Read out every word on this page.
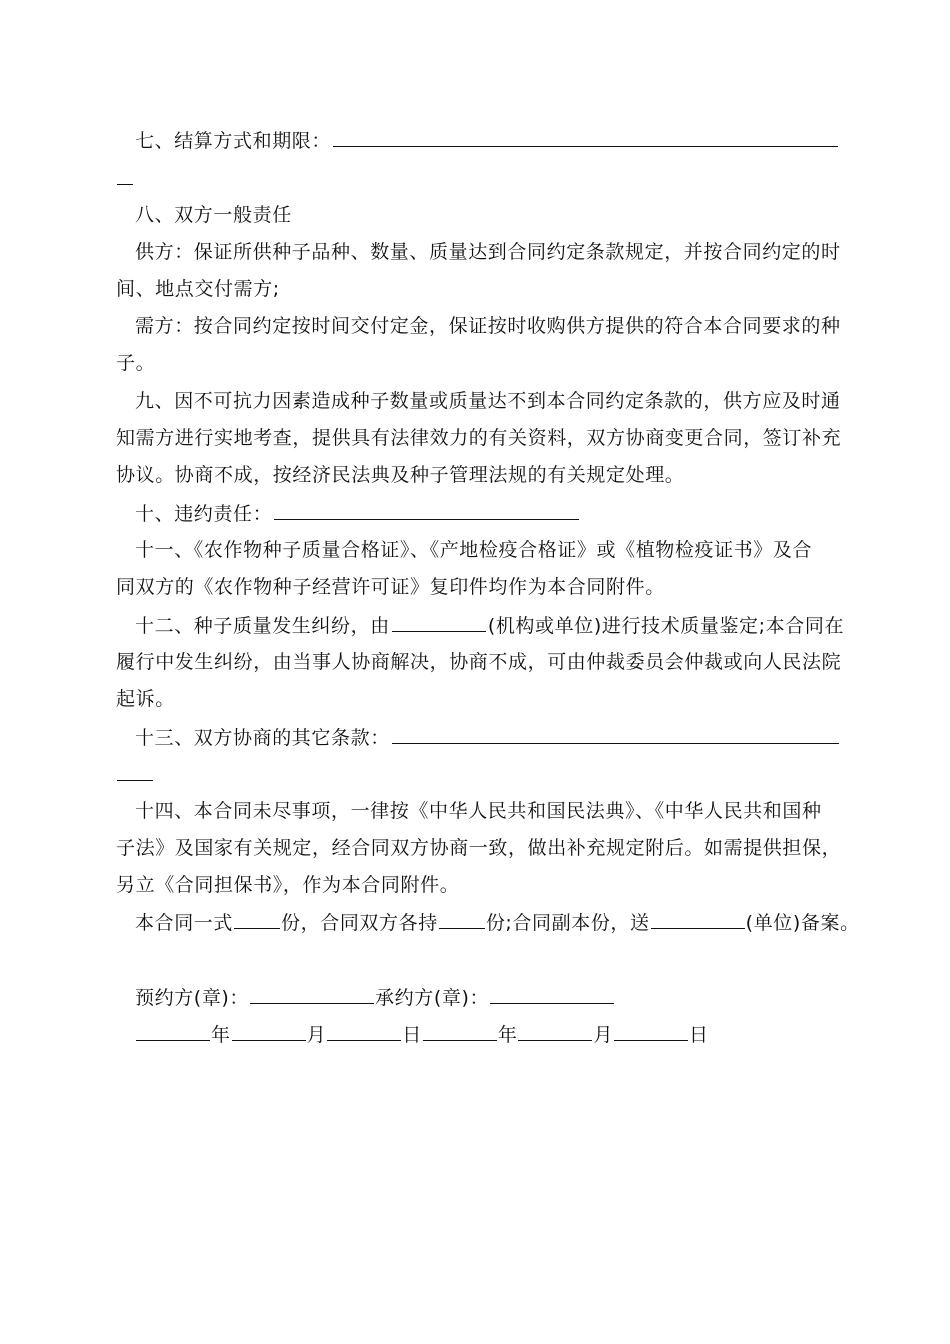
七、结算方式和期限：
八、双方一般责任
供方：保证所供种子品种、数量、质量达到合同约定条款规定，并按合同约定的时
间、地点交付需方;
需方：按合同约定按时间交付定金，保证按时收购供方提供的符合本合同要求的种
子。
九、因不可抗力因素造成种子数量或质量达不到本合同约定条款的，供方应及时通
知需方进行实地考查，提供具有法律效力的有关资料，双方协商变更合同，签订补充
协议。协商不成，按经济民法典及种子管理法规的有关规定处理。
十、违约责任：
十一、《农作物种子质量合格证》、《产地检疫合格证》或《植物检疫证书》及合
同双方的《农作物种子经营许可证》复印件均作为本合同附件。
十二、种子质量发生纠纷，由	(机构或单位)进行技术质量鉴定;本合同在
履行中发生纠纷，由当事人协商解决，协商不成，可由仲裁委员会仲裁或向人民法院
起诉。
十三、双方协商的其它条款：
十四、本合同未尽事项，一律按《中华人民共和国民法典》、《中华人民共和国种
子法》及国家有关规定，经合同双方协商一致，做出补充规定附后。如需提供担保，
另立《合同担保书》，作为本合同附件。
本合同一式	份，合同双方各持	份;合同副本份，送	(单位)备案。
预约方(章)：	承约方(章)：
年	月	日	年	月	日
